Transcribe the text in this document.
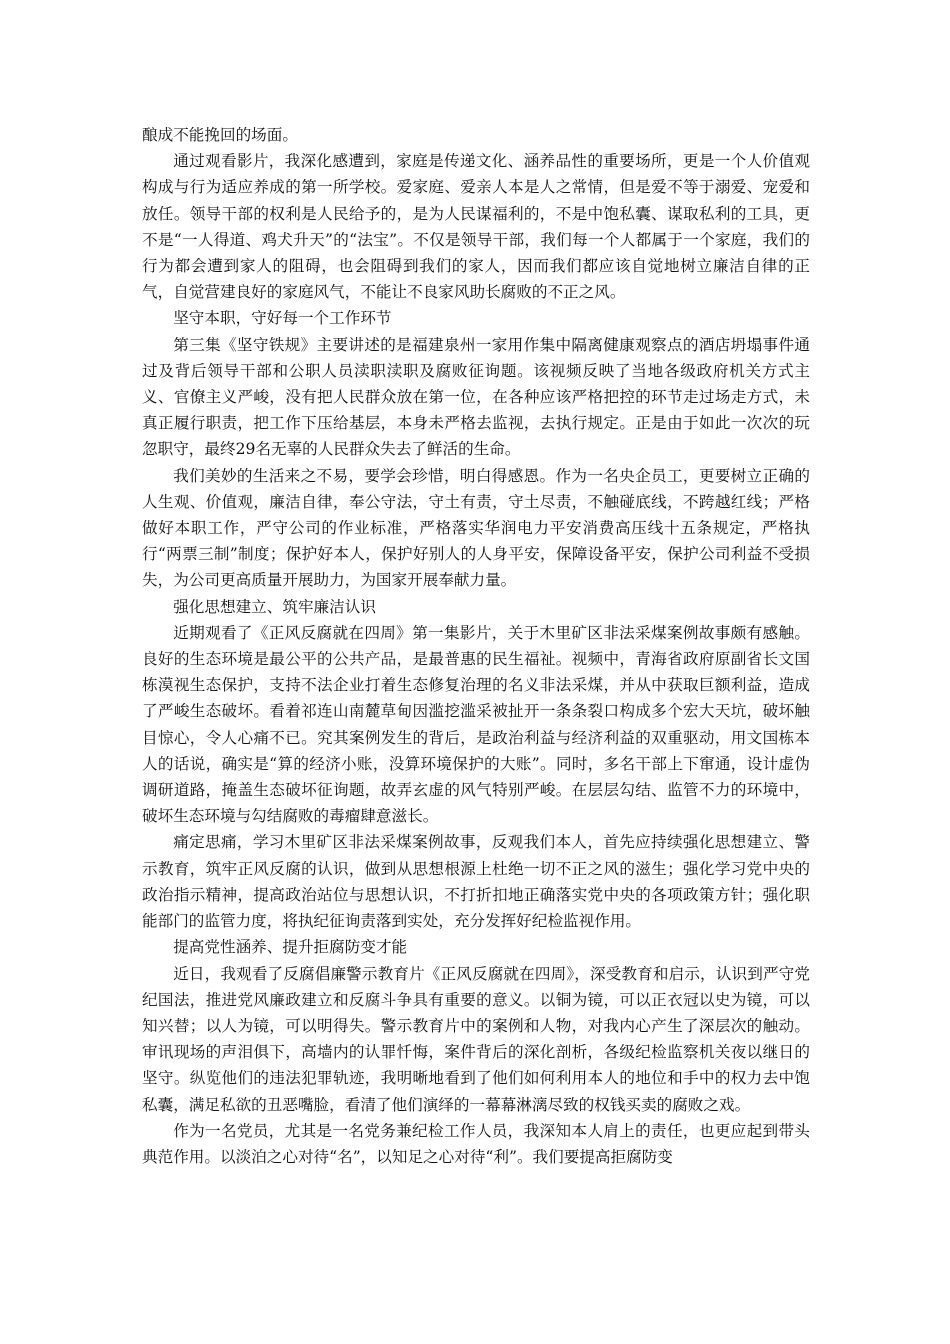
酿成不能挽回的场面。

通过观看影片，我深化感遭到，家庭是传递文化、涵养品性的重要场所，更是一个人价值观构成与行为适应养成的第一所学校。爱家庭、爱亲人本是人之常情，但是爱不等于溺爱、宠爱和放任。领导干部的权利是人民给予的，是为人民谋福利的，不是中饱私囊、谋取私利的工具，更不是“一人得道、鸡犬升天”的“法宝”。不仅是领导干部，我们每一个人都属于一个家庭，我们的行为都会遭到家人的阻碍，也会阻碍到我们的家人，因而我们都应该自觉地树立廉洁自律的正气，自觉营建良好的家庭风气，不能让不良家风助长腐败的不正之风。

坚守本职，守好每一个工作环节

第三集《坚守铁规》主要讲述的是福建泉州一家用作集中隔离健康观察点的酒店坍塌事件通过及背后领导干部和公职人员渎职渎职及腐败征询题。该视频反映了当地各级政府机关方式主义、官僚主义严峻，没有把人民群众放在第一位，在各种应该严格把控的环节走过场走方式，未真正履行职责，把工作下压给基层，本身未严格去监视，去执行规定。正是由于如此一次次的玩忽职守，最终29名无辜的人民群众失去了鲜活的生命。

我们美妙的生活来之不易，要学会珍惜，明白得感恩。作为一名央企员工，更要树立正确的人生观、价值观，廉洁自律，奉公守法，守土有责，守土尽责，不触碰底线，不跨越红线；严格做好本职工作，严守公司的作业标准，严格落实华润电力平安消费高压线十五条规定，严格执行“两票三制”制度；保护好本人，保护好别人的人身平安，保障设备平安，保护公司利益不受损失，为公司更高质量开展助力，为国家开展奉献力量。

强化思想建立、筑牢廉洁认识

近期观看了《正风反腐就在四周》第一集影片，关于木里矿区非法采煤案例故事颇有感触。良好的生态环境是最公平的公共产品，是最普惠的民生福祉。视频中，青海省政府原副省长文国栋漠视生态保护，支持不法企业打着生态修复治理的名义非法采煤，并从中获取巨额利益，造成了严峻生态破坏。看着祁连山南麓草甸因滥挖滥采被扯开一条条裂口构成多个宏大天坑，破坏触目惊心，令人心痛不已。究其案例发生的背后，是政治利益与经济利益的双重驱动，用文国栋本人的话说，确实是“算的经济小账，没算环境保护的大账”。同时，多名干部上下窜通，设计虚伪调研道路，掩盖生态破坏征询题，故弄玄虚的风气特别严峻。在层层勾结、监管不力的环境中，破坏生态环境与勾结腐败的毒瘤肆意滋长。

痛定思痛，学习木里矿区非法采煤案例故事，反观我们本人，首先应持续强化思想建立、警示教育，筑牢正风反腐的认识，做到从思想根源上杜绝一切不正之风的滋生；强化学习党中央的政治指示精神，提高政治站位与思想认识，不打折扣地正确落实党中央的各项政策方针；强化职能部门的监管力度，将执纪征询责落到实处，充分发挥好纪检监视作用。

提高党性涵养、提升拒腐防变才能

近日，我观看了反腐倡廉警示教育片《正风反腐就在四周》，深受教育和启示，认识到严守党纪国法，推进党风廉政建立和反腐斗争具有重要的意义。以铜为镜，可以正衣冠以史为镜，可以知兴替；以人为镜，可以明得失。警示教育片中的案例和人物，对我内心产生了深层次的触动。审讯现场的声泪俱下，高墙内的认罪忏悔，案件背后的深化剖析，各级纪检监察机关夜以继日的坚守。纵览他们的违法犯罪轨迹，我明晰地看到了他们如何利用本人的地位和手中的权力去中饱私囊，满足私欲的丑恶嘴脸，看清了他们演绎的一幕幕淋漓尽致的权钱买卖的腐败之戏。

作为一名党员，尤其是一名党务兼纪检工作人员，我深知本人肩上的责任，也更应起到带头典范作用。以淡泊之心对待“名”，以知足之心对待“利”。我们要提高拒腐防变
